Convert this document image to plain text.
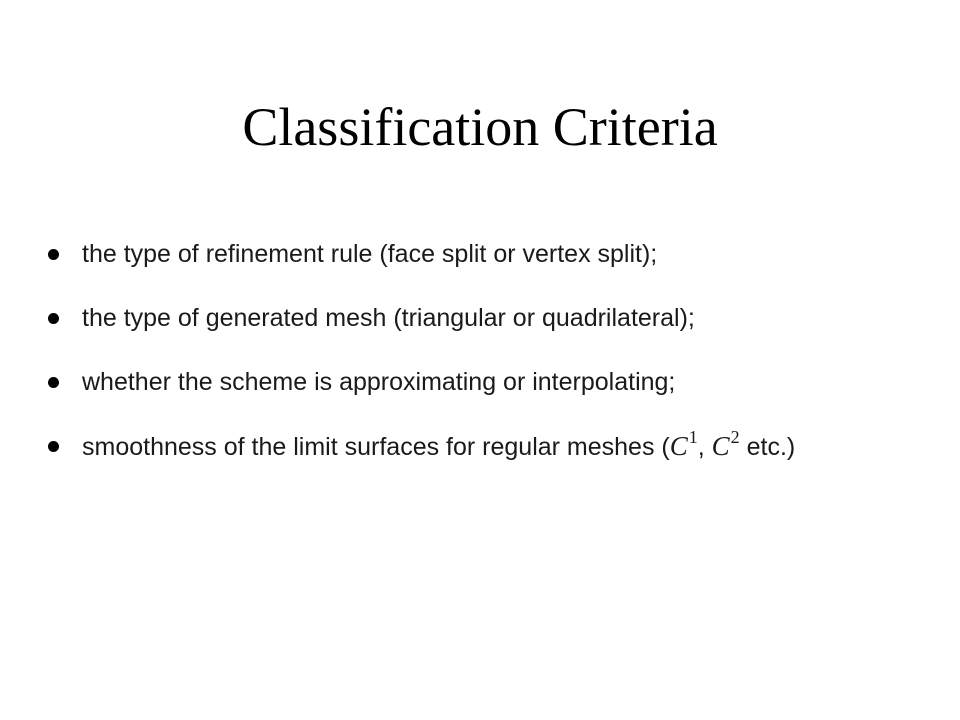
Classification Criteria
the type of refinement rule (face split or vertex split);
the type of generated mesh (triangular or quadrilateral);
whether the scheme is approximating or interpolating;
smoothness of the limit surfaces for regular meshes ($C^1$, $C^2$ etc.)
